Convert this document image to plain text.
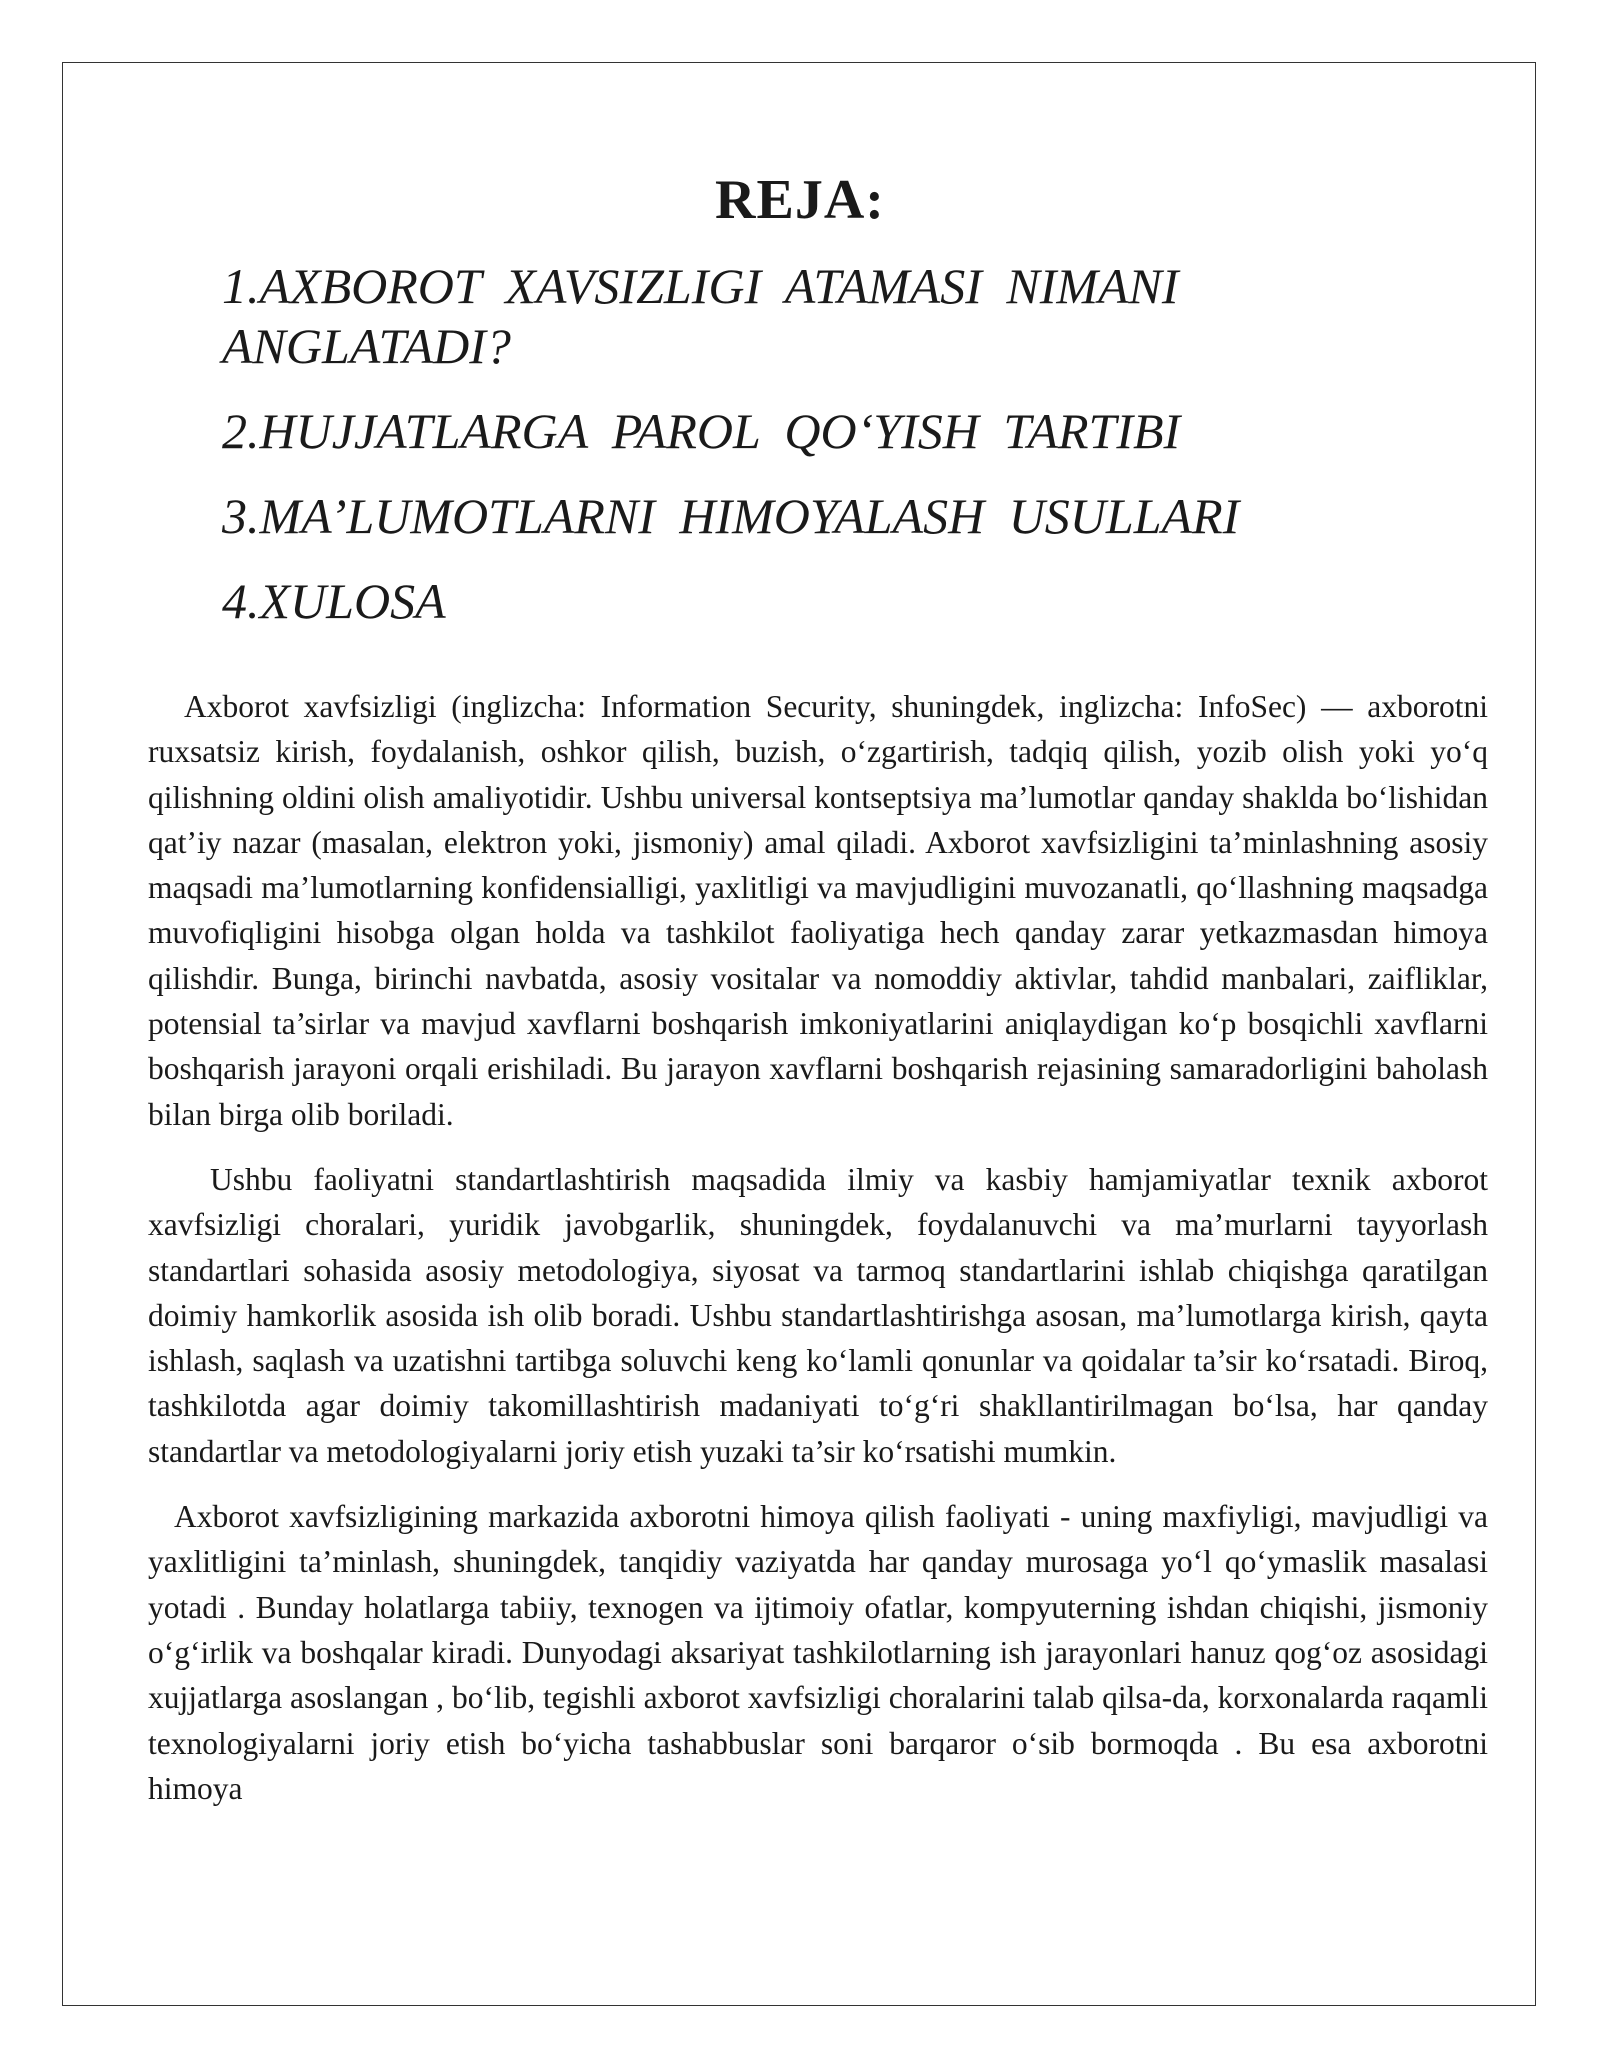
REJA:
1.AXBOROT XAVSIZLIGI ATAMASI NIMANI ANGLATADI?
2.HUJJATLARGA PAROL QO‘YISH TARTIBI
3.MA’LUMOTLARNI HIMOYALASH USULLARI
4.XULOSA

Axborot xavfsizligi (inglizcha: Information Security, shuningdek, inglizcha: InfoSec) — axborotni ruxsatsiz kirish, foydalanish, oshkor qilish, buzish, o‘zgartirish, tadqiq qilish, yozib olish yoki yo‘q qilishning oldini olish amaliyotidir. Ushbu universal kontseptsiya ma’lumotlar qanday shaklda bo‘lishidan qat’iy nazar (masalan, elektron yoki, jismoniy) amal qiladi. Axborot xavfsizligini ta’minlashning asosiy maqsadi ma’lumotlarning konfidensialligi, yaxlitligi va mavjudligini muvozanatli, qo‘llashning maqsadga muvofiqligini hisobga olgan holda va tashkilot faoliyatiga hech qanday zarar yetkazmasdan himoya qilishdir. Bunga, birinchi navbatda, asosiy vositalar va nomoddiy aktivlar, tahdid manbalari, zaifliklar, potensial ta’sirlar va mavjud xavflarni boshqarish imkoniyatlarini aniqlaydigan ko‘p bosqichli xavflarni boshqarish jarayoni orqali erishiladi. Bu jarayon xavflarni boshqarish rejasining samaradorligini baholash bilan birga olib boriladi.

Ushbu faoliyatni standartlashtirish maqsadida ilmiy va kasbiy hamjamiyatlar texnik axborot xavfsizligi choralari, yuridik javobgarlik, shuningdek, foydalanuvchi va ma’murlarni tayyorlash standartlari sohasida asosiy metodologiya, siyosat va tarmoq standartlarini ishlab chiqishga qaratilgan doimiy hamkorlik asosida ish olib boradi. Ushbu standartlashtirishga asosan, ma’lumotlarga kirish, qayta ishlash, saqlash va uzatishni tartibga soluvchi keng ko‘lamli qonunlar va qoidalar ta’sir ko‘rsatadi. Biroq, tashkilotda agar doimiy takomillashtirish madaniyati to‘g‘ri shakllantirilmagan bo‘lsa, har qanday standartlar va metodologiyalarni joriy etish yuzaki ta’sir ko‘rsatishi mumkin.

Axborot xavfsizligining markazida axborotni himoya qilish faoliyati - uning maxfiyligi, mavjudligi va yaxlitligini ta’minlash, shuningdek, tanqidiy vaziyatda har qanday murosaga yo‘l qo‘ymaslik masalasi yotadi . Bunday holatlarga tabiiy, texnogen va ijtimoiy ofatlar, kompyuterning ishdan chiqishi, jismoniy o‘g‘irlik va boshqalar kiradi. Dunyodagi aksariyat tashkilotlarning ish jarayonlari hanuz qog‘oz asosidagi xujjatlarga asoslangan , bo‘lib, tegishli axborot xavfsizligi choralarini talab qilsa-da, korxonalarda raqamli texnologiyalarni joriy etish bo‘yicha tashabbuslar soni barqaror o‘sib bormoqda . Bu esa axborotni himoya
